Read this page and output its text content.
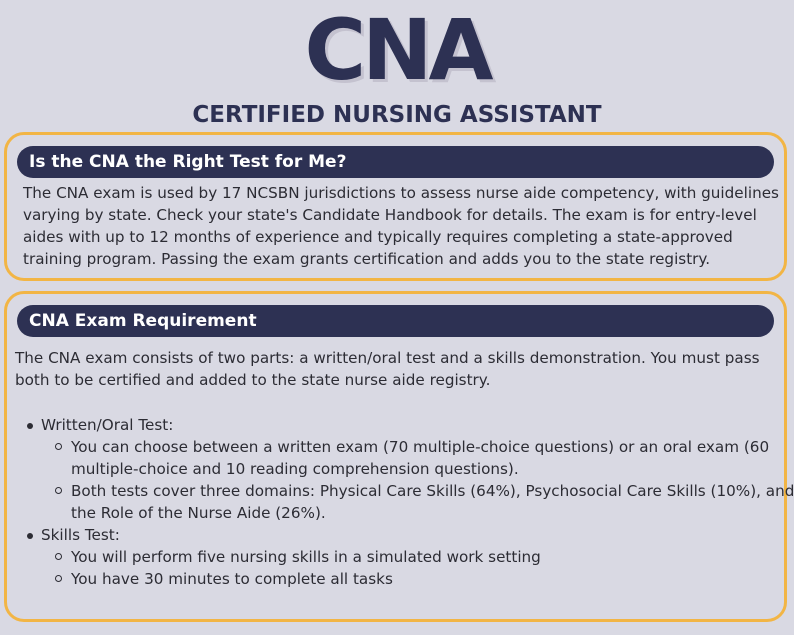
CNA
CERTIFIED NURSING ASSISTANT
Is the CNA the Right Test for Me?
The CNA exam is used by 17 NCSBN jurisdictions to assess nurse aide competency, with guidelines
varying by state. Check your state's Candidate Handbook for details. The exam is for entry-level
aides with up to 12 months of experience and typically requires completing a state-approved
training program. Passing the exam grants certification and adds you to the state registry.
CNA Exam Requirement
The CNA exam consists of two parts: a written/oral test and a skills demonstration. You must pass
both to be certified and added to the state nurse aide registry.
Written/Oral Test:
You can choose between a written exam (70 multiple-choice questions) or an oral exam (60
multiple-choice and 10 reading comprehension questions).
Both tests cover three domains: Physical Care Skills (64%), Psychosocial Care Skills (10%), and
the Role of the Nurse Aide (26%).
Skills Test:
You will perform five nursing skills in a simulated work setting
You have 30 minutes to complete all tasks
